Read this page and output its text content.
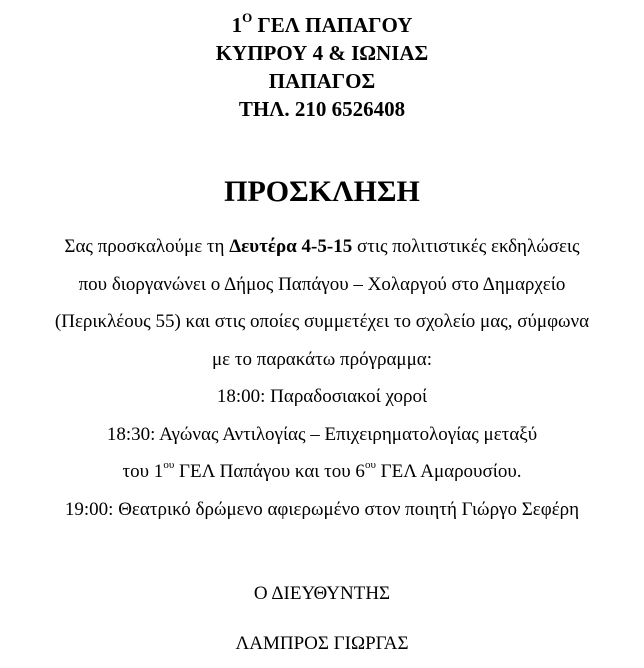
$1^O$ ΓΕΛ ΠΑΠΑΓΟΥ
ΚΥΠΡΟΥ 4 & ΙΩΝΙΑΣ
ΠΑΠΑΓΟΣ
ΤΗΛ. 210 6526408
ΠΡΟΣΚΛΗΣΗ
Σας προσκαλούμε τη Δευτέρα 4-5-15 στις πολιτιστικές εκδηλώσεις
που διοργανώνει ο Δήμος Παπάγου – Χολαργού στο Δημαρχείο
(Περικλέους 55) και στις οποίες συμμετέχει το σχολείο μας, σύμφωνα
με το παρακάτω πρόγραμμα:
18:00: Παραδοσιακοί χοροί
18:30: Αγώνας Αντιλογίας – Επιχειρηματολογίας μεταξύ
του $1^{o\upsilon}$ ΓΕΛ Παπάγου και του $6^{o\upsilon}$ ΓΕΛ Αμαρουσίου.
19:00: Θεατρικό δρώμενο αφιερωμένο στον ποιητή Γιώργο Σεφέρη
Ο ΔΙΕΥΘΥΝΤΗΣ
ΛΑΜΠΡΟΣ ΓΙΩΡΓΑΣ
